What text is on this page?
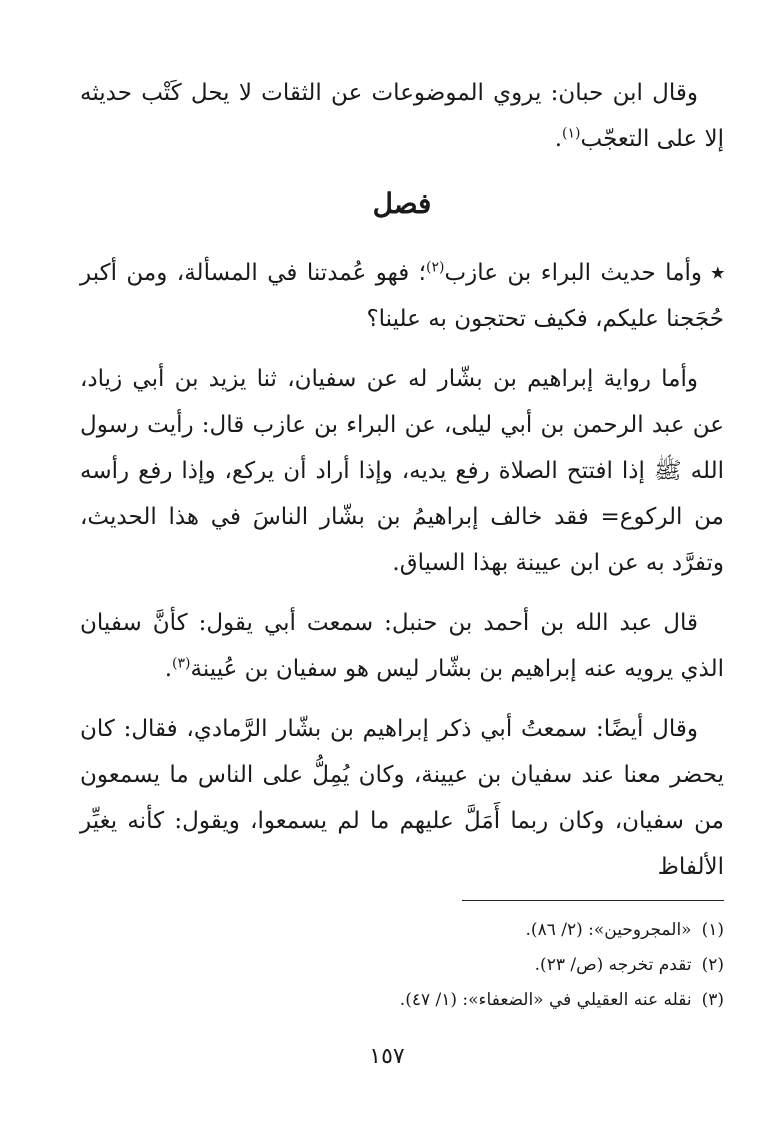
وقال ابن حبان: يروي الموضوعات عن الثقات لا يحل كَتْب حديثه إلا على التعجّب$^{(١)}$.

فصل

٭ وأما حديث البراء بن عازب$^{(٢)}$؛ فهو عُمدتنا في المسألة، ومن أكبر حُجَجنا عليكم، فكيف تحتجون به علينا؟

وأما رواية إبراهيم بن بشّار له عن سفيان، ثنا يزيد بن أبي زياد، عن عبد الرحمن بن أبي ليلى، عن البراء بن عازب قال: رأيت رسول الله ﷺ إذا افتتح الصلاة رفع يديه، وإذا أراد أن يركع، وإذا رفع رأسه من الركوع= فقد خالف إبراهيمُ بن بشّار الناسَ في هذا الحديث، وتفرَّد به عن ابن عيينة بهذا السياق.

قال عبد الله بن أحمد بن حنبل: سمعت أبي يقول: كأنَّ سفيان الذي يرويه عنه إبراهيم بن بشّار ليس هو سفيان بن عُيينة$^{(٣)}$.

وقال أيضًا: سمعتُ أبي ذكر إبراهيم بن بشّار الرَّمادي، فقال: كان يحضر معنا عند سفيان بن عيينة، وكان يُمِلُّ على الناس ما يسمعون من سفيان، وكان ربما أَمَلَّ عليهم ما لم يسمعوا، ويقول: كأنه يغيِّر الألفاظ

(١)«المجروحين»: (٢/ ٨٦).

(٢)تقدم تخرجه (ص/ ٢٣).

(٣)نقله عنه العقيلي في «الضعفاء»: (١/ ٤٧).

١٥٧
